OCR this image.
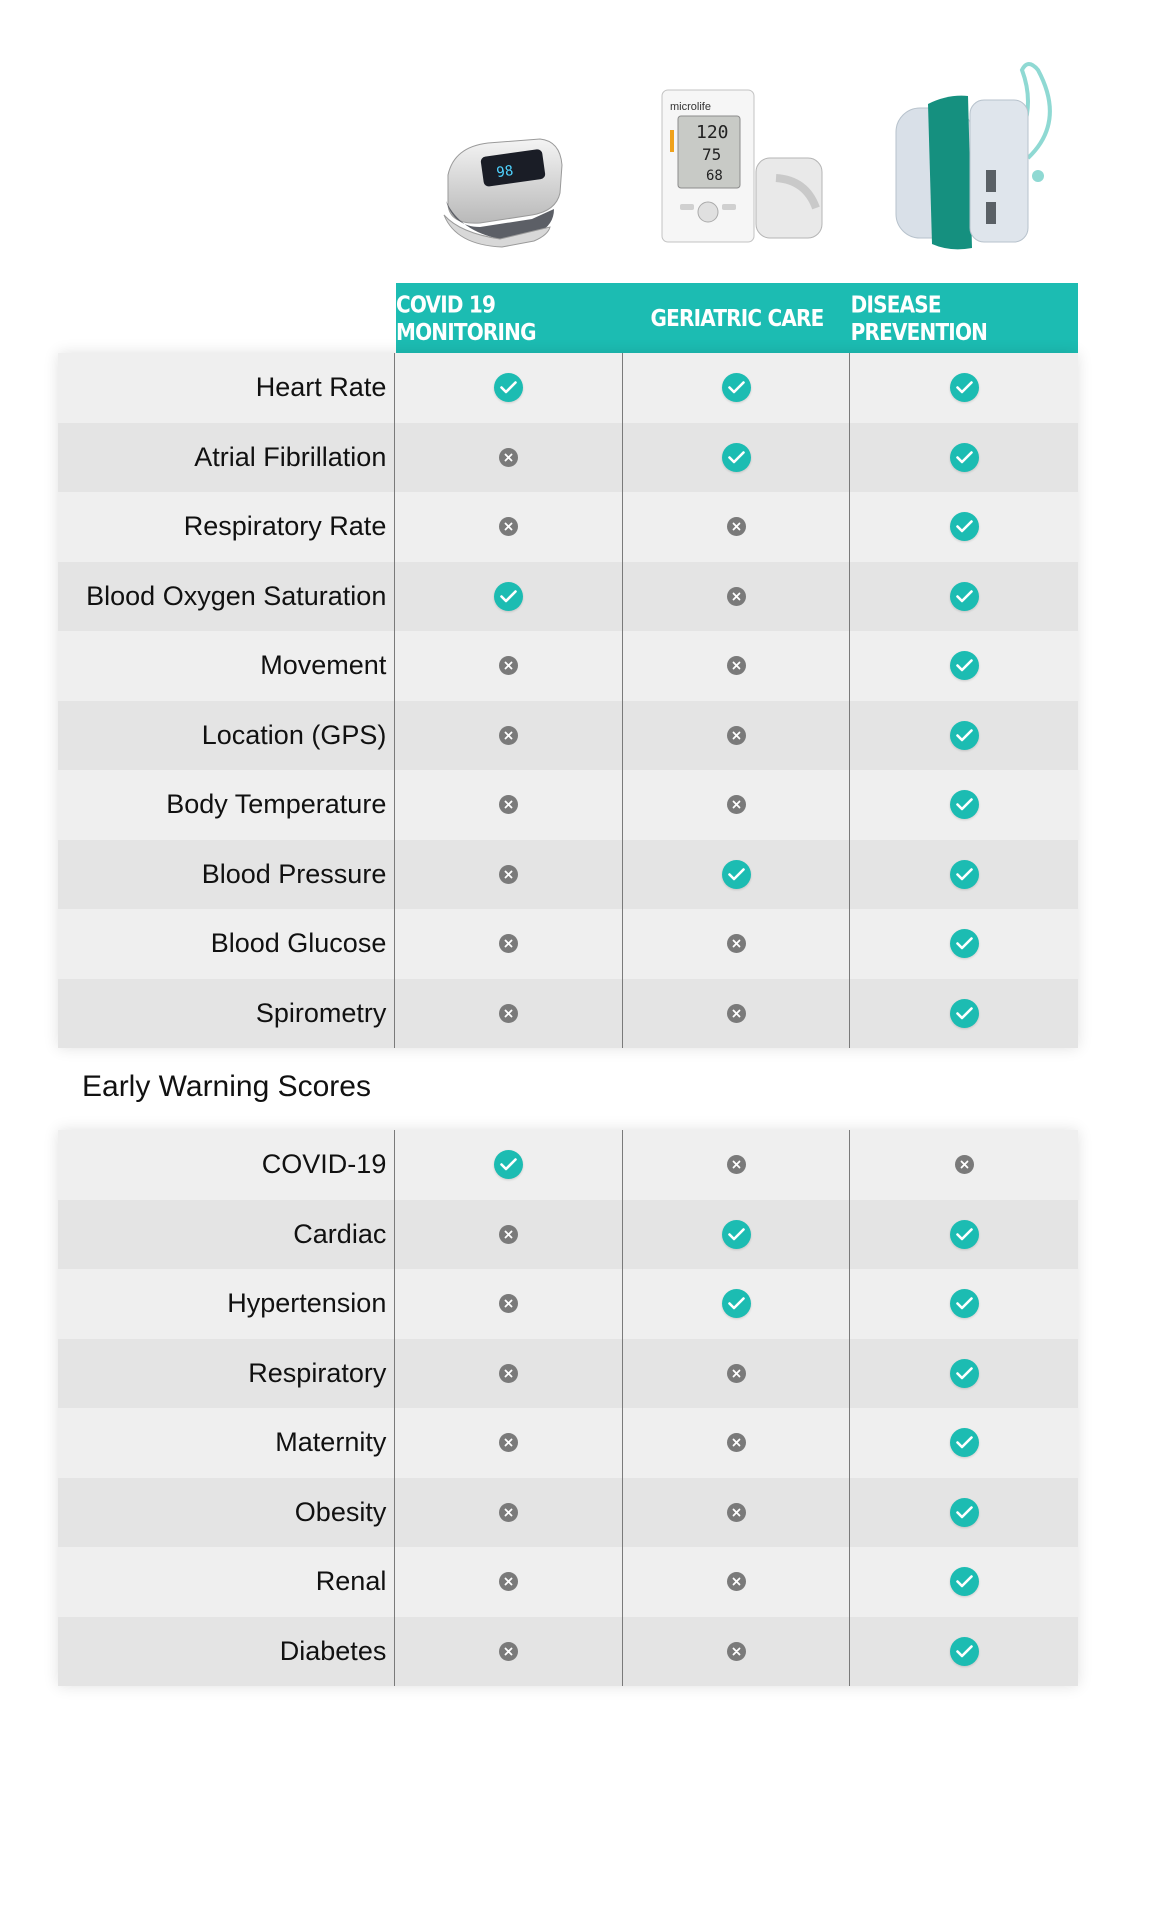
98
microlife
120
75
68
COVID 19 MONITORING	GERIATRIC CARE	DISEASE PREVENTION
Heart Rate
Atrial Fibrillation
Respiratory Rate
Blood Oxygen Saturation
Movement
Location (GPS)
Body Temperature
Blood Pressure
Blood Glucose
Spirometry
Early Warning Scores
COVID-19
Cardiac
Hypertension
Respiratory
Maternity
Obesity
Renal
Diabetes
